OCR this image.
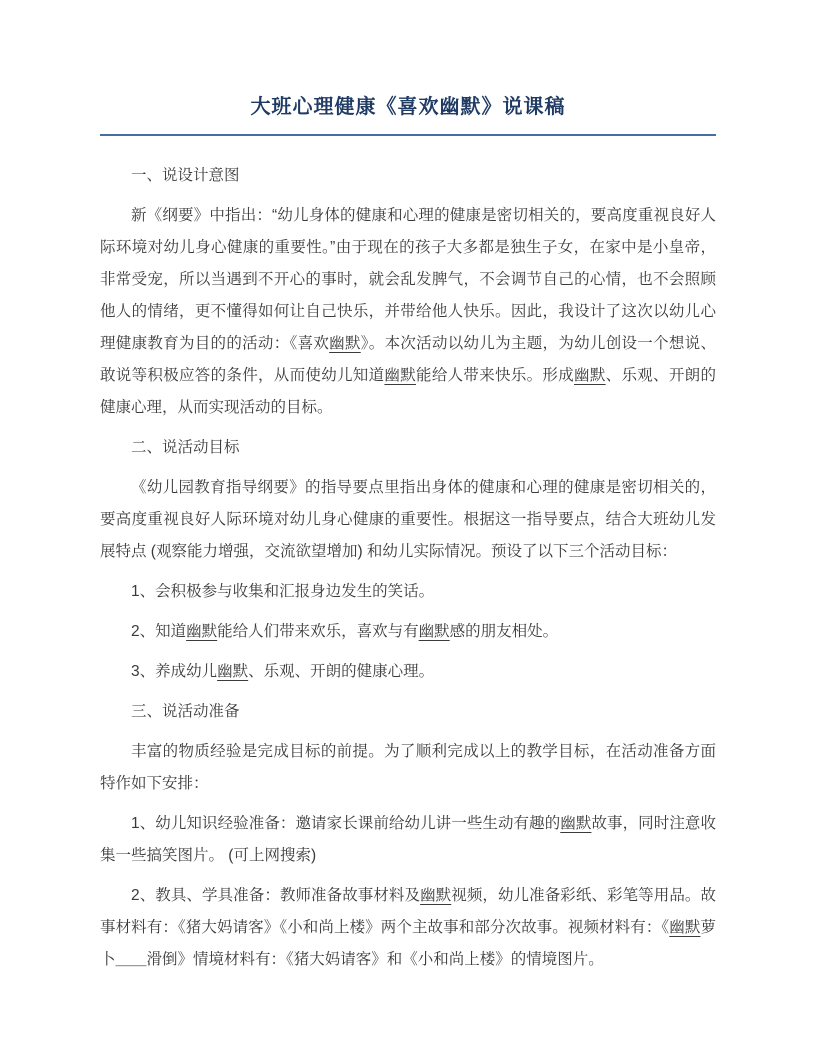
大班心理健康《喜欢幽默》说课稿

一、说设计意图

新《纲要》中指出：“幼儿身体的健康和心理的健康是密切相关的，要高度重视良好人际环境对幼儿身心健康的重要性。”由于现在的孩子大多都是独生子女，在家中是小皇帝，非常受宠，所以当遇到不开心的事时，就会乱发脾气，不会调节自己的心情，也不会照顾他人的情绪，更不懂得如何让自己快乐，并带给他人快乐。因此，我设计了这次以幼儿心理健康教育为目的的活动：《喜欢幽默》。本次活动以幼儿为主题，为幼儿创设一个想说、敢说等积极应答的条件，从而使幼儿知道幽默能给人带来快乐。形成幽默、乐观、开朗的健康心理，从而实现活动的目标。

二、说活动目标

《幼儿园教育指导纲要》的指导要点里指出身体的健康和心理的健康是密切相关的，要高度重视良好人际环境对幼儿身心健康的重要性。根据这一指导要点，结合大班幼儿发展特点 (观察能力增强，交流欲望增加) 和幼儿实际情况。预设了以下三个活动目标：

1、会积极参与收集和汇报身边发生的笑话。

2、知道幽默能给人们带来欢乐，喜欢与有幽默感的朋友相处。

3、养成幼儿幽默、乐观、开朗的健康心理。

三、说活动准备

丰富的物质经验是完成目标的前提。为了顺利完成以上的教学目标，在活动准备方面特作如下安排：

1、幼儿知识经验准备：邀请家长课前给幼儿讲一些生动有趣的幽默故事，同时注意收集一些搞笑图片。 (可上网搜索)

2、教具、学具准备：教师准备故事材料及幽默视频，幼儿准备彩纸、彩笔等用品。故事材料有：《猪大妈请客》《小和尚上楼》两个主故事和部分次故事。视频材料有：《幽默萝卜＿＿滑倒》情境材料有：《猪大妈请客》和《小和尚上楼》的情境图片。
